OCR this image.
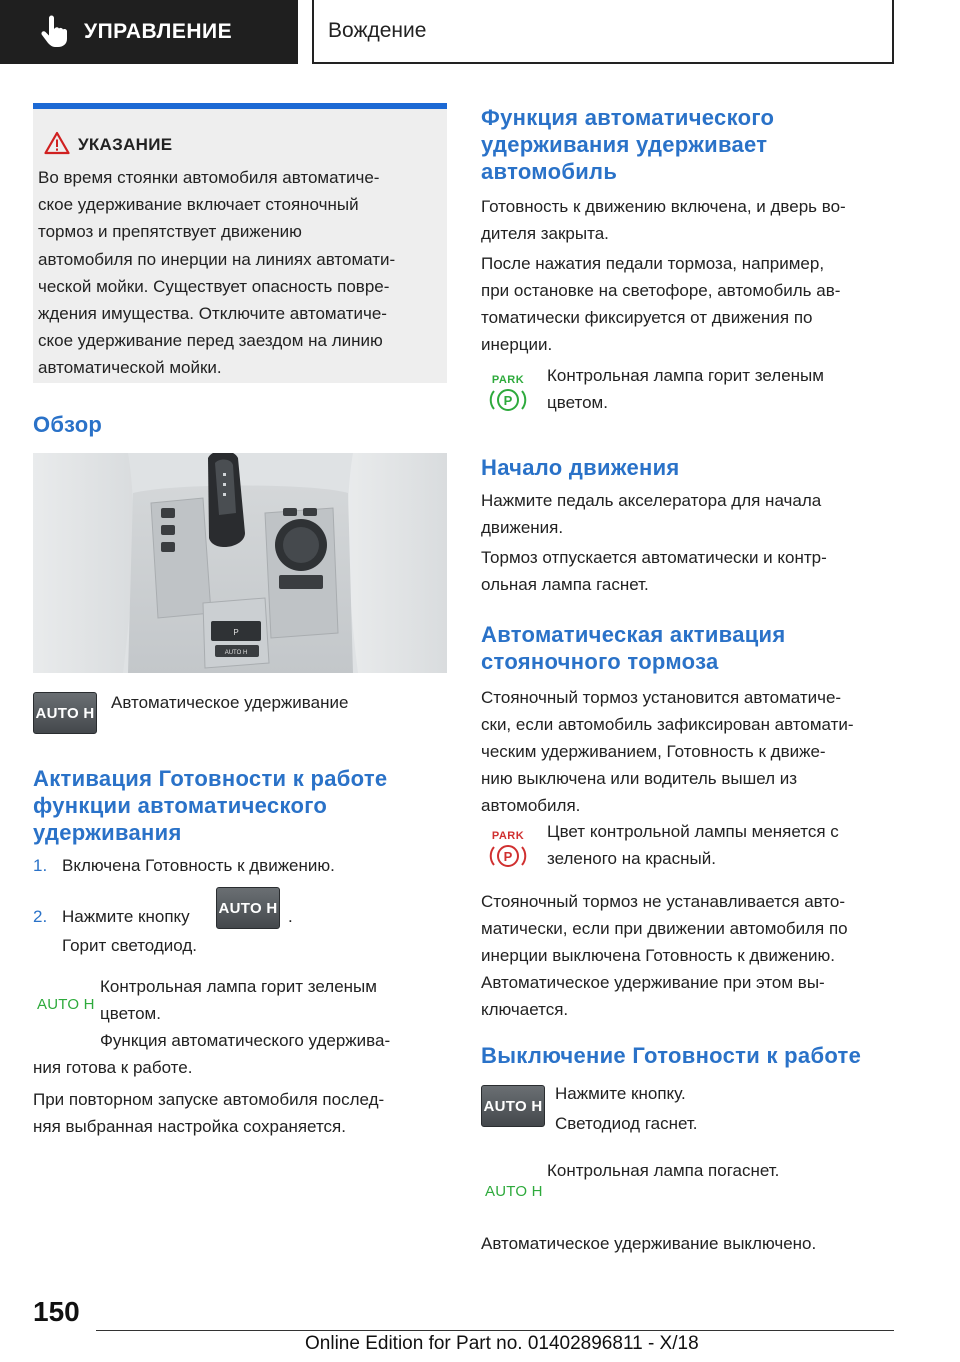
УПРАВЛЕНИЕ	Вождение
УКАЗАНИЕ
Во время стоянки автомобиля автоматиче-
ское удерживание включает стояночный
тормоз и препятствует движению
автомобиля по инерции на линиях автомати-
ческой мойки. Существует опасность повре-
ждения имущества. Отключите автоматиче-
ское удерживание перед заездом на линию
автоматической мойки.
Обзор
AUTO H
P
AUTO H
Автоматическое удерживание
Активация Готовности к работе
функции автоматического
удерживания
1. Включена Готовность к движению.
2. Нажмите кнопку AUTO H .
Горит светодиод.
AUTO H
Контрольная лампа горит зеленым
цветом.
Функция автоматического удержива-
ния готова к работе.
При повторном запуске автомобиля послед-
няя выбранная настройка сохраняется.
Функция автоматического
удерживания удерживает
автомобиль
Готовность к движению включена, и дверь во-
дителя закрыта.
После нажатия педали тормоза, например,
при остановке на светофоре, автомобиль ав-
томатически фиксируется от движения по
инерции.
PARK
P
Контрольная лампа горит зеленым
цветом.
Начало движения
Нажмите педаль акселератора для начала
движения.
Тормоз отпускается автоматически и контр-
ольная лампа гаснет.
Автоматическая активация
стояночного тормоза
Стояночный тормоз установится автоматиче-
ски, если автомобиль зафиксирован автомати-
ческим удерживанием, Готовность к движе-
нию выключена или водитель вышел из
автомобиля.
PARK
P
Цвет контрольной лампы меняется с
зеленого на красный.
Стояночный тормоз не устанавливается авто-
матически, если при движении автомобиля по
инерции выключена Готовность к движению.
Автоматическое удерживание при этом вы-
ключается.
Выключение Готовности к работе
AUTO H
Нажмите кнопку.
Светодиод гаснет.
AUTO H
Контрольная лампа погаснет.
Автоматическое удерживание выключено.
150
Online Edition for Part no. 01402896811 - X/18
